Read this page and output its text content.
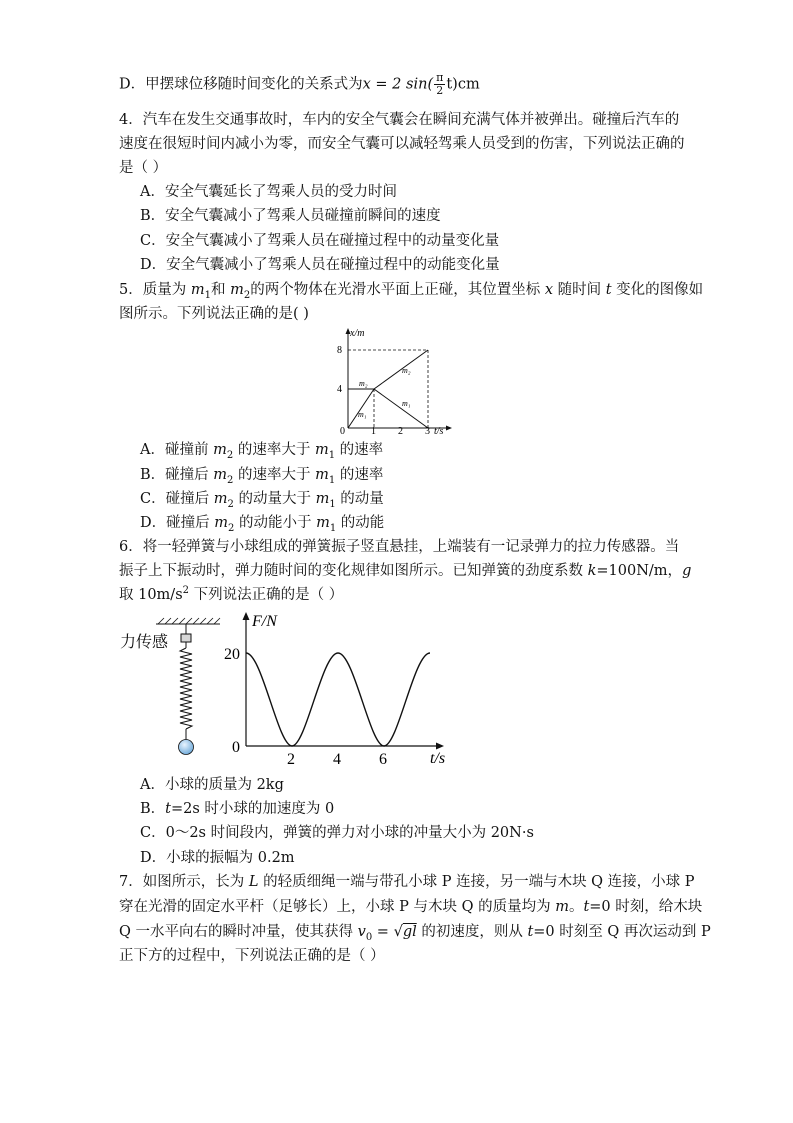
D．甲摆球位移随时间变化的关系式为x = 2 $\sin( \frac{\pi}{2} t)cm$
4．汽车在发生交通事故时，车内的安全气囊会在瞬间充满气体并被弹出。碰撞后汽车的
速度在很短时间内减小为零，而安全气囊可以减轻驾乘人员受到的伤害，下列说法正确的
是（ ）
A．安全气囊延长了驾乘人员的受力时间
B．安全气囊减小了驾乘人员碰撞前瞬间的速度
C．安全气囊减小了驾乘人员在碰撞过程中的动量变化量
D．安全气囊减小了驾乘人员在碰撞过程中的动能变化量
5．质量为 $m_1$和 $m_2$的两个物体在光滑水平面上正碰，其位置坐标 x 随时间 t 变化的图像如
图所示。下列说法正确的是( )
x/m
t/s
8
4
0	1 2 3
m₂
m₂
m₁
m₁
A．碰撞前 $m_2$ 的速率大于 $m_1$ 的速率
B．碰撞后 $m_2$ 的速率大于 $m_1$ 的速率
C．碰撞后 $m_2$ 的动量大于 $m_1$ 的动量
D．碰撞后 $m_2$ 的动能小于 $m_1$ 的动能
6．将一轻弹簧与小球组成的弹簧振子竖直悬挂，上端装有一记录弹力的拉力传感器。当
振子上下振动时，弹力随时间的变化规律如图所示。已知弹簧的劲度系数 k=100N/m，g
取 $10m/s^2$ 下列说法正确的是（ ）
力传感
F/N
t/s
20
0
2 4 6
A．小球的质量为 2kg
B．t=2s 时小球的加速度为 0
C．0～2s 时间段内，弹簧的弹力对小球的冲量大小为 20N·s
D．小球的振幅为 0.2m
7．如图所示，长为 L 的轻质细绳一端与带孔小球 P 连接，另一端与木块 Q 连接，小球 P
穿在光滑的固定水平杆（足够长）上，小球 P 与木块 Q 的质量均为 m。t=0 时刻，给木块
Q 一水平向右的瞬时冲量，使其获得 $v_0 = √gl$ 的初速度，则从 t=0 时刻至 Q 再次运动到 P
正下方的过程中，下列说法正确的是（ ）
